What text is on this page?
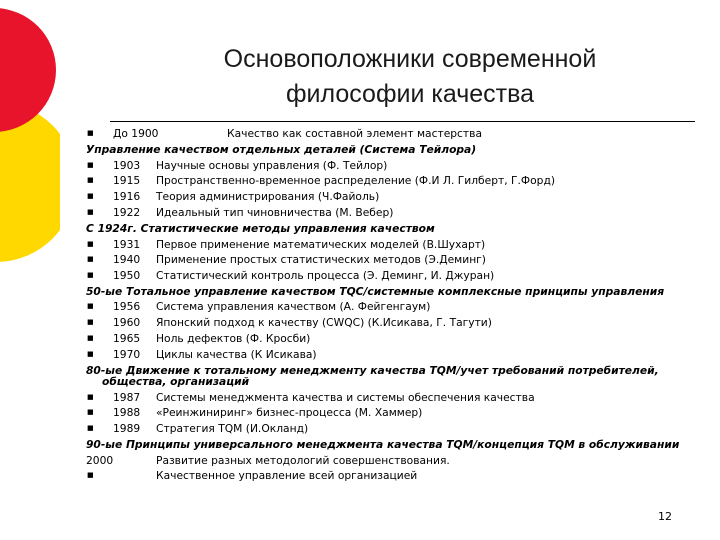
Основоположники современной
философии качества
■ До 1900	Качество как составной элемент мастерства
Управление качеством отдельных деталей (Система Тейлора)
■ 1903 Научные основы управления (Ф. Тейлор)
■ 1915 Пространственно-временное распределение (Ф.И Л. Гилберт, Г.Форд)
■ 1916 Теория администрирования (Ч.Файоль)
■ 1922 Идеальный тип чиновничества (М. Вебер)
С 1924г. Статистические методы управления качеством
■ 1931 Первое применение математических моделей (В.Шухарт)
■ 1940 Применение простых статистических методов (Э.Деминг)
■ 1950 Статистический контроль процесса (Э. Деминг, И. Джуран)
50-ые Тотальное управление качеством TQC/системные комплексные принципы управления
■ 1956 Система управления качеством (А. Фейгенгаум)
■ 1960 Японский подход к качеству (CWQC) (К.Исикава, Г. Тагути)
■ 1965 Ноль дефектов (Ф. Кросби)
■ 1970 Циклы качества (К Исикава)
80-ые Движение к тотальному менеджменту качества TQM/учет требований потребителей, общества, организаций
■ 1987 Системы менеджмента качества и системы обеспечения качества
■ 1988 «Реинжиниринг» бизнес-процесса (М. Хаммер)
■ 1989 Стратегия TQM (И.Окланд)
90-ые Принципы универсального менеджмента качества TQM/концепция TQM в обслуживании
2000	Развитие разных методологий совершенствования.
■	Качественное управление всей организацией
12
